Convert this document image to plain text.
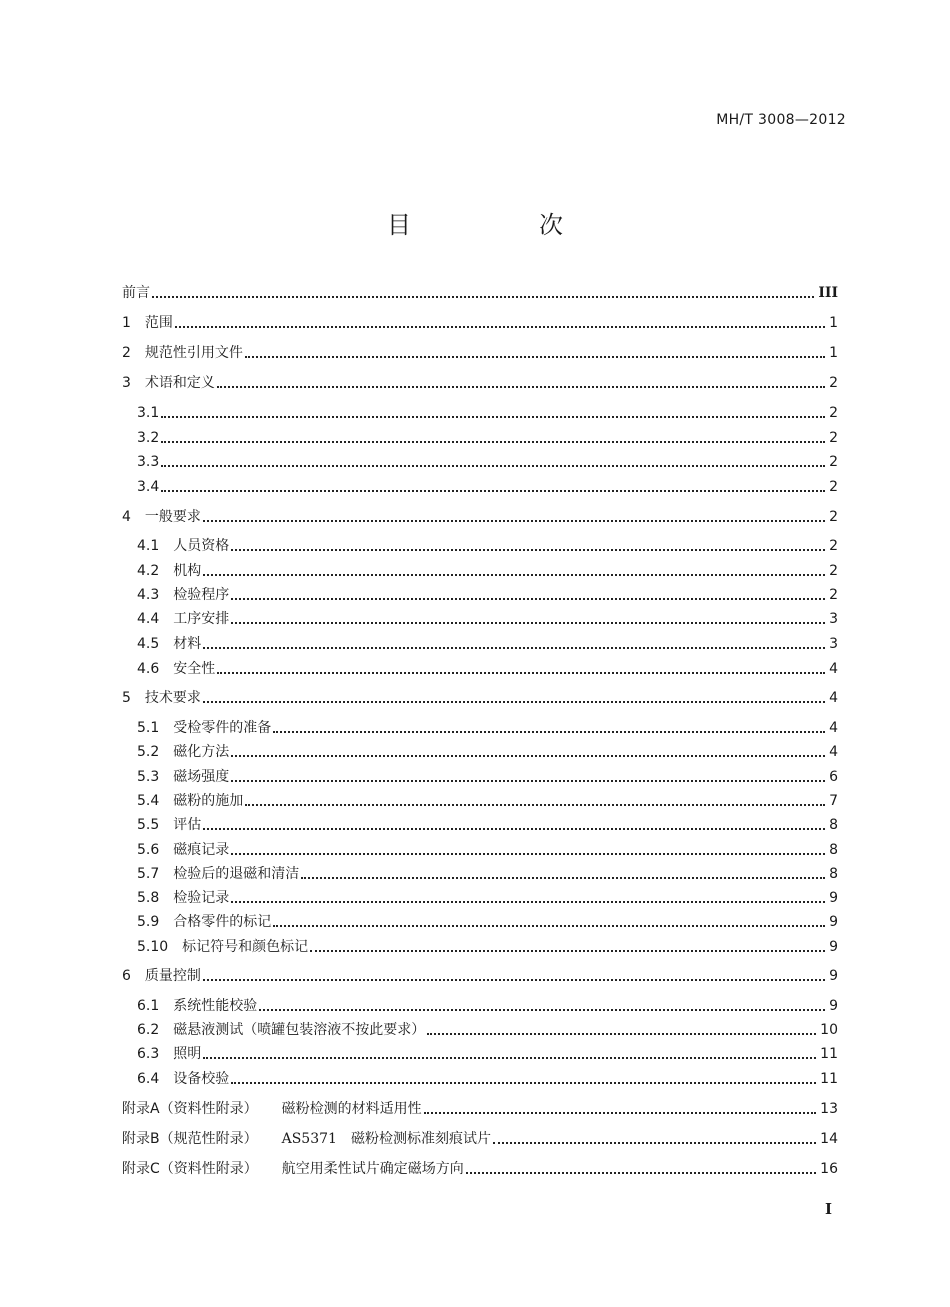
MH/T 3008—2012
目　次
前言	III
1 范围	1
2 规范性引用文件	1
3 术语和定义	2
3.1	2
3.2	2
3.3	2
3.4	2
4 一般要求	2
4.1 人员资格	2
4.2 机构	2
4.3 检验程序	2
4.4 工序安排	3
4.5 材料	3
4.6 安全性	4
5 技术要求	4
5.1 受检零件的准备	4
5.2 磁化方法	4
5.3 磁场强度	6
5.4 磁粉的施加	7
5.5 评估	8
5.6 磁痕记录	8
5.7 检验后的退磁和清洁	8
5.8 检验记录	9
5.9 合格零件的标记	9
5.10 标记符号和颜色标记	9
6 质量控制	9
6.1 系统性能校验	9
6.2 磁悬液测试（喷罐包装溶液不按此要求）	10
6.3 照明	11
6.4 设备校验	11
附录A（资料性附录） 磁粉检测的材料适用性	13
附录B（规范性附录） AS5371　磁粉检测标准刻痕试片	14
附录C（资料性附录） 航空用柔性试片确定磁场方向	16
I
